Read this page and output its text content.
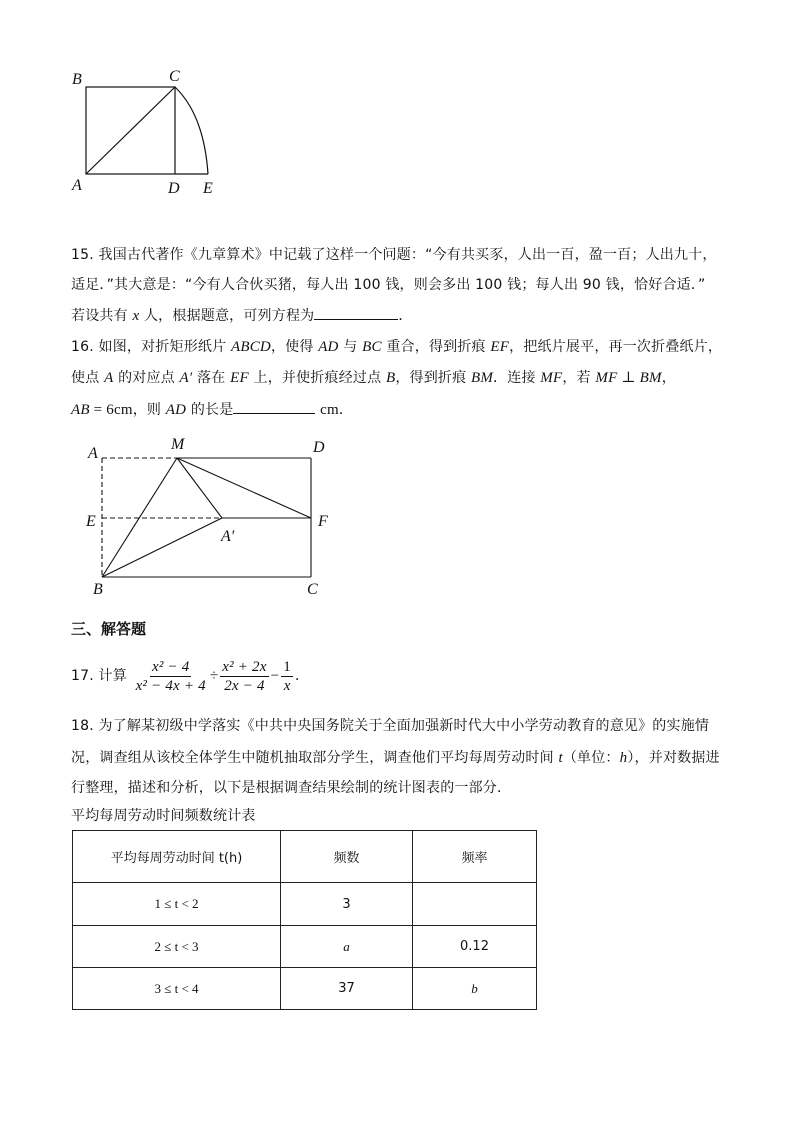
B	C
A	D E
15. 我国古代著作《九章算术》中记载了这样一个问题：“今有共买豕，人出一百，盈一百；人出九十，
适足．”其大意是：“今有人合伙买猪，每人出 100 钱，则会多出 100 钱；每人出 90 钱，恰好合适．”
若设共有 x 人，根据题意，可列方程为	．
16. 如图，对折矩形纸片 ABCD，使得 AD 与 BC 重合，得到折痕 EF，把纸片展平，再一次折叠纸片，
使点 A 的对应点 A′ 落在 EF 上，并使折痕经过点 B，得到折痕 BM．连接 MF，若 MF ⊥ BM，
AB = 6cm，则 AD 的长是	cm．
A
M	D
E	F
A′
B	C
三、解答题
17. 计算 $\frac{\text{x² − 4}}{\text{x² − 4x + 4}} \div \frac{\text{x² + 2x}}{2x - 4} - \frac{1}{x}$ ．
18. 为了解某初级中学落实《中共中央国务院关于全面加强新时代大中小学劳动教育的意见》的实施情
况，调查组从该校全体学生中随机抽取部分学生，调查他们平均每周劳动时间 t（单位：h），并对数据进
行整理，描述和分析，以下是根据调查结果绘制的统计图表的一部分．
平均每周劳动时间频数统计表
平均每周劳动时间 t(h)	频数	频率
1 ≤ t < 2	3	
2 ≤ t < 3	a	0.12
3 ≤ t < 4	37	b
